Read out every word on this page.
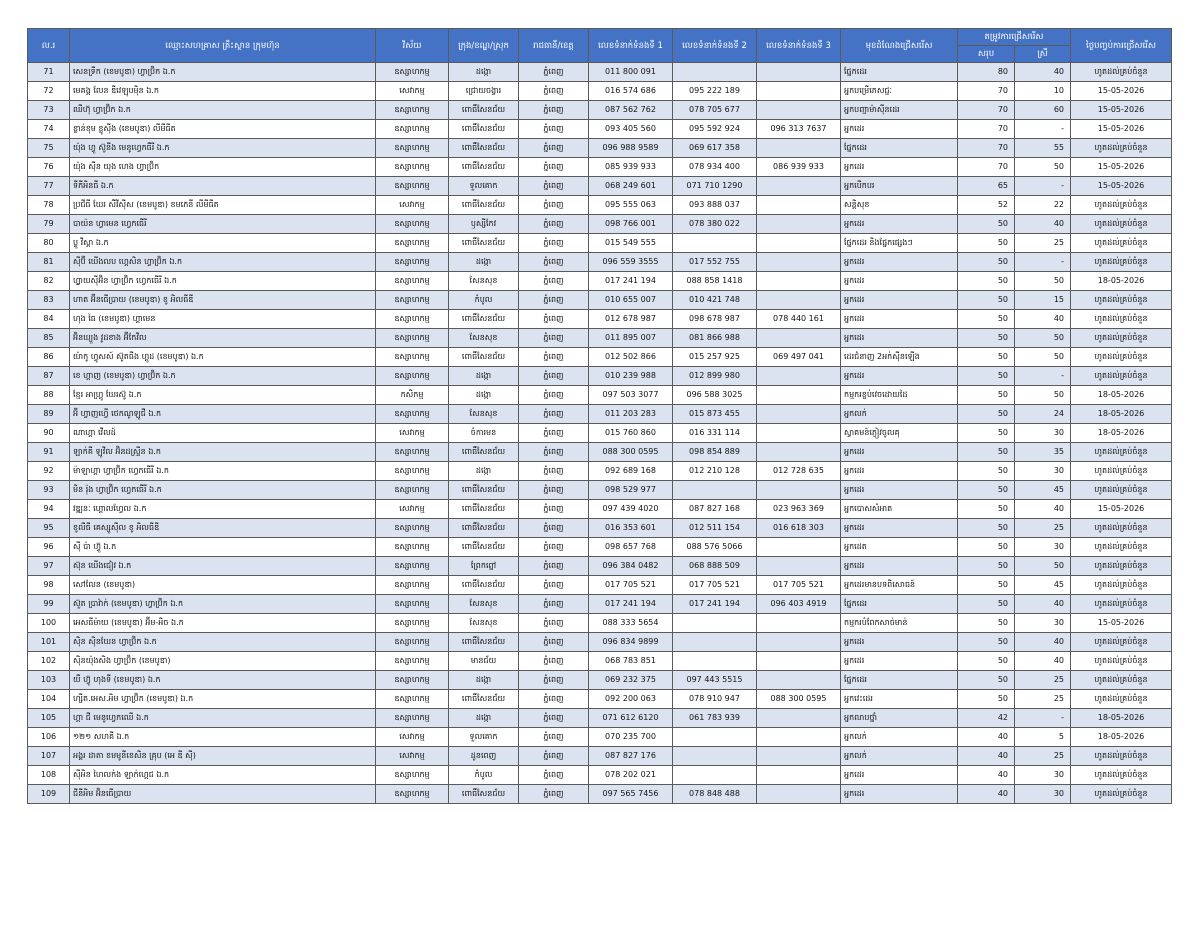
ល.រ	ឈ្មោះសហគ្រាស គ្រឹះស្ថាន ក្រុមហ៊ុន	វិស័យ	ក្រុង/ខណ្ឌ/ស្រុក	រាជធានី/ខេត្ត	លេខទំនាក់ទំនងទី 1	លេខទំនាក់ទំនងទី 2	លេខទំនាក់ទំនងទី 3	មុខដំណែងជ្រើសរើស	តម្រូវការជ្រើសរើស		ថ្ងៃបញ្ចប់ការជ្រើសរើស
									សរុប	ស្រី	
71	សេនទ្រីក (ខេមបូឌា) ហ្វាប៊្រិក ឯ.ក	ឧស្សាហកម្ម	ដង្កោ	ភ្នំពេញ	011 800 091			ផ្នែកដេរ	80	40	ហូតដល់គ្រប់ចំនួន
72	មេគង្គ លែន ឌីវេឡុបម៉ិន ឯ.ក	សេវាកម្ម	ជ្រោយចង្វារ	ភ្នំពេញ	016 574 686	095 222 189		អ្នកបម្រើភេសជ្ជៈ	70	10	15-05-2026
73	ឈីហ៊ុ ហ្វាប៊្រិក ឯ.ក	ឧស្សាហកម្ម	ពោធិ៍សែនជ័យ	ភ្នំពេញ	087 562 762	078 705 677		អ្នកបញ្ជាម៉ាស៊ីនដេរ	70	60	15-05-2026
74	ខ្លាន់ខុម ខ្លូស៊ីង (ខេមបូឌា) លីមីធីត	ឧស្សាហកម្ម	ពោធិ៍សែនជ័យ	ភ្នំពេញ	093 405 560	095 592 924	096 313 7637	អ្នកដេរ	70	-	15-05-2026
75	យ៉ុង ហ្វូ ស៊ូនីង មេនូហ្វេកធឺរី ឯ.ក	ឧស្សាហកម្ម	ពោធិ៍សែនជ័យ	ភ្នំពេញ	096 988 9589	069 617 358		ផ្នែកដេរ	70	55	ហូតដល់គ្រប់ចំនួន
76	យ៉ុង ស៊ីន យុង ហេង ហ្វាប៊្រិក	ឧស្សាហកម្ម	ពោធិ៍សែនជ័យ	ភ្នំពេញ	085 939 933	078 934 400	086 939 933	អ្នកដេរ	70	50	15-05-2026
77	ទីភីអិនធី ឯ.ក	ឧស្សាហកម្ម	ទួលគោក	ភ្នំពេញ	068 249 601	071 710 1290		អ្នកបើកបរ	65	-	15-05-2026
78	ប្រជីធី ឃែរ សឺវីស៊ីស (ខេមបូឌា) ខមភេនី លីមីធីត	សេវាកម្ម	ពោធិ៍សែនជ័យ	ភ្នំពេញ	095 555 063	093 888 037		សន្តិសុខ	52	22	ហូតដល់គ្រប់ចំនួន
79	បាយ៉ន ហ្វាមេន ហ្វេកធើរី	ឧស្សាហកម្ម	ឫស្សីកែវ	ភ្នំពេញ	098 766 001	078 380 022		អ្នកដេរ	50	40	ហូតដល់គ្រប់ចំនួន
80	ប្លូ វីស្តា ឯ.ក	ឧស្សាហកម្ម	ពោធិ៍សែនជ័យ	ភ្នំពេញ	015 549 555			ផ្នែកដេរ និងផ្នែកផ្សេងៗ	50	25	ហូតដល់គ្រប់ចំនួន
81	ស៊ីប៊ី ឃើងលប ហ្គេសិន ហ្វាប៊្រិក ឯ.ក	ឧស្សាហកម្ម	ដង្កោ	ភ្នំពេញ	096 559 3555	017 552 755		អ្នកដេរ	50	-	ហូតដល់គ្រប់ចំនួន
82	ហ្វ្លាយស៊ីអ៊ិន ហ្វាប៊្រិក ហ្វេកធើរី ឯ.ក	ឧស្សាហកម្ម	សែនសុខ	ភ្នំពេញ	017 241 194	088 858 1418		អ្នកដេរ	50	50	18-05-2026
83	ហាត អ៊ីនធើប្រាយ (ខេមបូឌា) ខូ អិលធីឌី	ឧស្សាហកម្ម	កំបូល	ភ្នំពេញ	010 655 007	010 421 748		អ្នកដេរ	50	15	ហូតដល់គ្រប់ចំនួន
84	ហុង ធៃ (ខេមបូឌា) ហ្គាមេន	ឧស្សាហកម្ម	ពោធិ៍សែនជ័យ	ភ្នំពេញ	012 678 987	098 678 987	078 440 161	អ្នកដេរ	50	40	ហូតដល់គ្រប់ចំនួន
85	អ៊ិនឃ្យួង វូដខាង អ៊ីកែវីល	ឧស្សាហកម្ម	សែនសុខ	ភ្នំពេញ	011 895 007	081 866 988		អ្នកដេរ	50	50	ហូតដល់គ្រប់ចំនួន
86	យ៉ាកូ ហ្វូសស៍ ស៊ូតធីង ហ្គូដ (ខេមបូឌា) ឯ.ក	ឧស្សាហកម្ម	ពោធិ៍សែនជ័យ	ភ្នំពេញ	012 502 866	015 257 925	069 497 041	ដេរជំនាញ 2អក់ស៊ីនឡើង	50	50	ហូតដល់គ្រប់ចំនួន
87	ខេ ហ្គាញ (ខេមបូឌា) ហ្វាប៊្រិក ឯ.ក	ឧស្សាហកម្ម	ដង្កោ	ភ្នំពេញ	010 239 988	012 899 980		អ្នកដេរ	50	-	ហូតដល់គ្រប់ចំនួន
88	ខ្មែរ អាហ្គ្រូ ឃែរស៊ូ ឯ.ក	កសិកម្ម	ដង្កោ	ភ្នំពេញ	097 503 3077	096 588 3025		កម្មករខ្ចប់វេចដោយដៃ	50	50	18-05-2026
89	អ៊ី ហ្វាញហ្វើ ថេកណូឡូជី ឯ.ក	ឧស្សាហកម្ម	សែនសុខ	ភ្នំពេញ	011 203 283	015 873 455		អ្នកលក់	50	24	18-05-2026
90	ណាហ្គា វើលដ៍	សេវាកម្ម	ចំការមន	ភ្នំពេញ	015 760 860	016 331 114		ស្វាគមន៍ភ្ញៀវចូលគុ	50	30	18-05-2026
91	ឡាក់គី ឡូវីល អ៊ិនដស្រ្ទីន ឯ.ក	ឧស្សាហកម្ម	ពោធិ៍សែនជ័យ	ភ្នំពេញ	088 300 0595	098 854 889		អ្នកដេរ	50	35	ហូតដល់គ្រប់ចំនួន
92	ម៉ាឡាហ្គា ហ្វាប៊្រិក ហ្វេកធើរី ឯ.ក	ឧស្សាហកម្ម	ដង្កោ	ភ្នំពេញ	092 689 168	012 210 128	012 728 635	អ្នកដេរ	50	30	ហូតដល់គ្រប់ចំនួន
93	មិន រ៉ុង ហ្វាប៊្រិក ហ្វេកធើរី ឯ.ក	ឧស្សាហកម្ម	ពោធិ៍សែនជ័យ	ភ្នំពេញ	098 529 977			អ្នកដេរ	50	45	ហូតដល់គ្រប់ចំនួន
94	វឌ្ឍនៈ ហ្គោលហ្វែល ឯ.ក	សេវាកម្ម	ពោធិ៍សែនជ័យ	ភ្នំពេញ	097 439 4020	087 827 168	023 963 369	អ្នកបោសសំអាត	50	40	15-05-2026
95	ខូលីធី គេស្សូស៊ីល ខូ អិលធីឌី	ឧស្សាហកម្ម	ពោធិ៍សែនជ័យ	ភ្នំពេញ	016 353 601	012 511 154	016 618 303	អ្នកដេរ	50	25	ហូតដល់គ្រប់ចំនួន
96	ស៊ី ប៉ា ហ៊្វូ ឯ.ក	ឧស្សាហកម្ម	ពោធិ៍សែនជ័យ	ភ្នំពេញ	098 657 768	088 576 5066		អ្នកដេត	50	30	ហូតដល់គ្រប់ចំនួន
97	ស៊ុន ឃើងជៀវ ឯ.ក	ឧស្សាហកម្ម	ព្រែកព្នៅ	ភ្នំពេញ	096 384 0482	068 888 509		អ្នកដេរ	50	50	ហូតដល់គ្រប់ចំនួន
98	សៅលែន (ខេមបូឌា)	ឧស្សាហកម្ម	ពោធិ៍សែនជ័យ	ភ្នំពេញ	017 705 521	017 705 521	017 705 521	អ្នកដេរមានបទពិសោធន៍	50	45	ហូតដល់គ្រប់ចំនួន
99	ស៊ួត ប្រាវ៉ាក់ (ខេមបូឌា) ហ្វាប៊្រិក ឯ.ក	ឧស្សាហកម្ម	សែនសុខ	ភ្នំពេញ	017 241 194	017 241 194	096 403 4919	ផ្នែកដេរ	50	40	ហូតដល់គ្រប់ចំនួន
100	អេសធីម៉ាយ (ខេមបូឌា) អ៊ីម-អិច ឯ.ក	ឧស្សាហកម្ម	សែនសុខ	ភ្នំពេញ	088 333 5654			កម្មករបំពែកសាច់មាន់	50	30	15-05-2026
101	ស៊ិន ស៊ិនឃែន ហ្វាប៊្រិក ឯ.ក	ឧស្សាហកម្ម	ពោធិ៍សែនជ័យ	ភ្នំពេញ	096 834 9899			អ្នកដេរ	50	40	ហូតដល់គ្រប់ចំនួន
102	ស៊ិនយ៉ុងសិង ហ្វាប៊្រិក (ខេមបូឌា)	ឧស្សាហកម្ម	មានជ័យ	ភ្នំពេញ	068 783 851			អ្នកដេរ	50	40	ហូតដល់គ្រប់ចំនួន
103	យឺ ហ៊្វូ ហុងទី (ខេមបូឌា) ឯ.ក	ឧស្សាហកម្ម	ដង្កោ	ភ្នំពេញ	069 232 375	097 443 5515		ផ្នែកដេរ	50	25	ហូតដល់គ្រប់ចំនួន
104	ហ្សីត.អេស.អិម ហ្វាប៊្រិក (ខេមបូឌា) ឯ.ក	ឧស្សាហកម្ម	ពោធិ៍សែនជ័យ	ភ្នំពេញ	092 200 063	078 910 947	088 300 0595	អ្នកវេះដេរ	50	25	ហូតដល់គ្រប់ចំនួន
105	ហ្គា ជី មេនូហ្វេកឈើ ឯ.ក	ឧស្សាហកម្ម	ដង្កោ	ភ្នំពេញ	071 612 6120	061 783 939		អ្នកលាបថ្នាំ	42	-	18-05-2026
106	១២១ សហគី ឯ.ក	សេវាកម្ម	ទួលគោក	ភ្នំពេញ	070 235 700			អ្នកលក់	40	5	18-05-2026
107	អង្គរ ដាតា ខមមូនីខេសិន គ្រុប (អេ ឌី ស៊ី)	សេវាកម្ម	ដូនពេញ	ភ្នំពេញ	087 827 176			អ្នកលក់	40	25	ហូតដល់គ្រប់ចំនួន
108	ស៊ីអិន ហៃលក់ង ឡាក់ហ្គេជ ឯ.ក	ឧស្សាហកម្ម	កំបូល	ភ្នំពេញ	078 202 021			អ្នកដេរ	40	30	ហូតដល់គ្រប់ចំនួន
109	ជីនីអិម អ៊ិនធើប្រាយ	ឧស្សាហកម្ម	ពោធិ៍សែនជ័យ	ភ្នំពេញ	097 565 7456	078 848 488		អ្នកដេរ	40	30	ហូតដល់គ្រប់ចំនួន
